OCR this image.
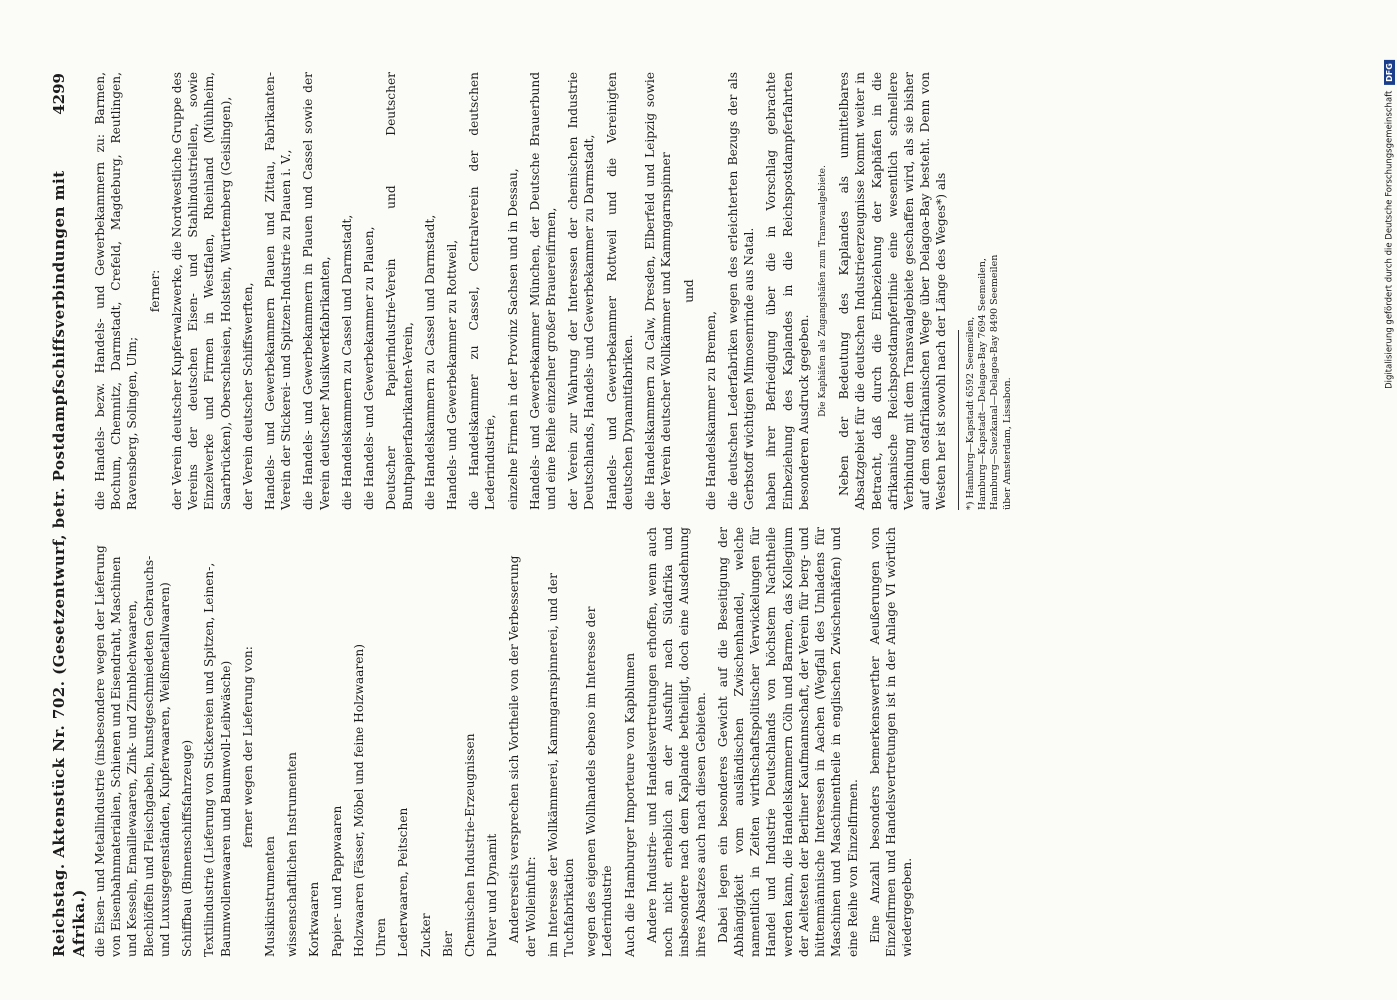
Reichstag. Aktenstück Nr. 702. (Gesetzentwurf, betr. Postdampfschiffsverbindungen mit Afrika.)
4299
die Eisen- und Metallindustrie (insbesondere wegen der Lieferung von Eisenbahnmaterialien, Schienen und Eisendraht, Maschinen und Kesseln, Emaillewaaren, Zink- und Zinnblechwaaren, Blechlöffeln und Fleischgabeln, kunstgeschmiedeten Gebrauchs- und Luxusgegenständen, Kupferwaaren, Weißmetallwaaren) Schiffbau (Binnenschiffsfahrzeuge) Textilindustrie (Lieferung von Stickereien und Spitzen, Leinen-, Baumwollenwaaren und Baumwoll-Leibwäsche) ferner wegen der Lieferung von:
Musikinstrumenten wissenschaftlichen Instrumenten Korkwaaren Papier- und Pappwaaren Holzwaaren (Fässer, Möbel und feine Holzwaaren) Uhren Lederwaaren, Peitschen Zucker Bier Chemischen Industrie-Erzeugnissen Pulver und Dynamit Andererseits versprechen sich Vortheile von der Verbesserung der Wolleinfuhr: im Interesse der Wollkämmerei, Kammgarnspinnerei, und der Tuchfabrikation wegen des eigenen Wollhandels ebenso im Interesse der Lederindustrie Auch die Hamburger Importeure von Kapblumen Andere Industrie- und Handelsvertretungen erhoffen, wenn auch noch nicht erheblich an der Ausfuhr nach Südafrika und insbesondere nach dem Kaplande betheiligt, doch eine Ausdehnung ihres Absatzes auch nach diesen Gebieten. Dabei legen ein besonderes Gewicht auf die Beseitigung der Abhängigkeit vom ausländischen Zwischenhandel, welche namentlich in Zeiten wirthschaftspolitischer Verwickelungen für Handel und Industrie Deutschlands von höchstem Nachtheile werden kann, die Handelskammern Cöln und Barmen, das Kollegium der Aeltesten der Berliner Kaufmannschaft, der Verein für berg- und hüttenmännische Interessen in Aachen (Wegfall des Umladens für Maschinen und Maschinentheile in englischen Zwischenhäfen) und eine Reihe von Einzelfirmen. Eine Anzahl besonders bemerkenswerther Aeußerungen von Einzelfirmen und Handelsvertretungen ist in der Anlage VI wörtlich wiedergegeben.

die Handels- bezw. Handels- und Gewerbekammern zu: Barmen, Bochum, Chemnitz, Darmstadt, Crefeld, Magdeburg, Reutlingen, Ravensberg, Solingen, Ulm;

ferner: der Verein deutscher Kupferwalzwerke, die Nordwestliche Gruppe des Vereins der deutschen Eisen- und Stahlindustriellen, sowie Einzelwerke und Firmen in Westfalen, Rheinland (Mühlheim, Saarbrücken), Oberschlesien, Holstein, Württemberg (Geislingen), der Verein deutscher Schiffswerften, Handels- und Gewerbekammern Plauen und Zittau, Fabrikanten-Verein der Stickerei- und Spitzen-Industrie zu Plauen i. V., die Handels- und Gewerbekammern in Plauen und Cassel sowie der Verein deutscher Musikwerkfabrikanten, die Handelskammern zu Cassel und Darmstadt, die Handels- und Gewerbekammer zu Plauen, Deutscher Papierindustrie-Verein und Deutscher Buntpapierfabrikanten-Verein, die Handelskammern zu Cassel und Darmstadt, Handels- und Gewerbekammer zu Rottweil, die Handelskammer zu Cassel, Centralverein der deutschen Lederindustrie, einzelne Firmen in der Provinz Sachsen und in Dessau, Handels- und Gewerbekammer München, der Deutsche Brauerbund und eine Reihe einzelner großer Brauereifirmen, der Verein zur Wahrung der Interessen der chemischen Industrie Deutschlands, Handels- und Gewerbekammer zu Darmstadt, Handels- und Gewerbekammer Rottweil und die Vereinigten deutschen Dynamitfabriken. die Handelskammern zu Calw, Dresden, Elberfeld und Leipzig sowie der Verein deutscher Wollkämmer und Kammgarnspinner und

die Handelskammer zu Bremen, die deutschen Lederfabriken wegen des erleichterten Bezugs der als Gerbstoff wichtigen Mimosenrinde aus Natal. haben ihrer Befriedigung über die in Vorschlag gebrachte Einbeziehung des Kaplandes in die Reichspostdampferfahrten besonderen Ausdruck gegeben. Die Kaphäfen als Zugangshäfen zum Transvaalgebiete. Neben der Bedeutung des Kaplandes als unmittelbares Absatzgebiet für die deutschen Industrieerzeugnisse kommt weiter in Betracht, daß durch die Einbeziehung der Kaphäfen in die afrikanische Reichspostdampferlinie eine wesentlich schnellere Verbindung mit dem Transvaalgebiete geschaffen wird, als sie bisher auf dem ostafrikanischen Wege über Delagoa-Bay besteht. Denn von Westen her ist sowohl nach der Länge des Weges*) als *) Hamburg—Kapstadt 6592 Seemeilen, Hamburg—Kapstadt—Delagoa-Bay 7694 Seemeilen, Hamburg—Suezkanal—Delagoa-Bay 8490 Seemeilen über Amsterdam, Lissabon.
Digitalisierung gefördert durch die Deutsche Forschungsgemeinschaft
DFG
